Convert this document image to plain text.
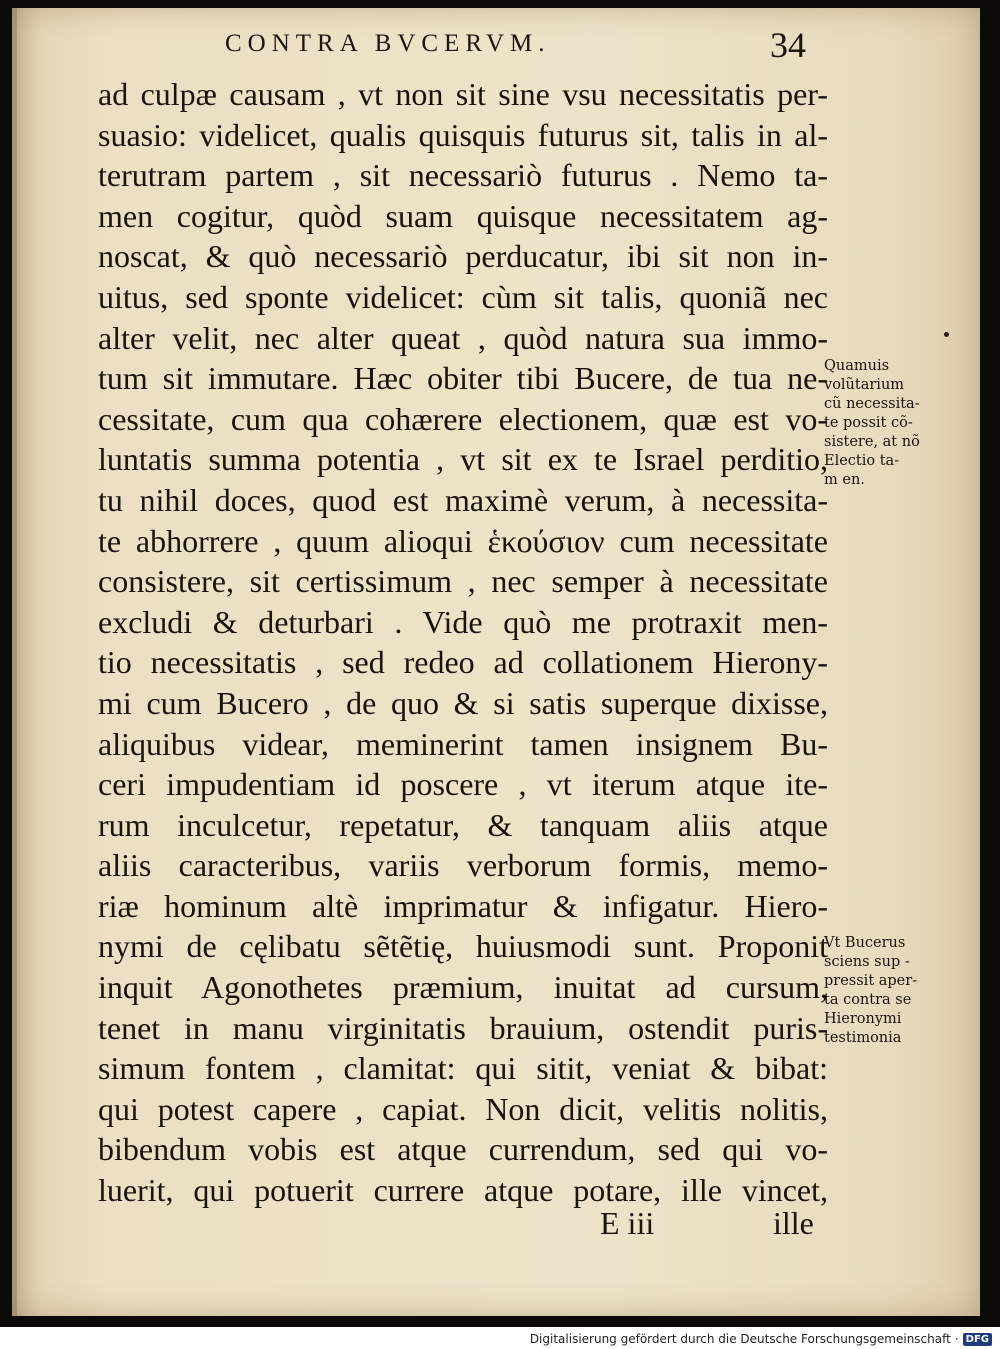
CONTRA BVCERVM.	34
ad culpæ causam , vt non sit sine vsu necessitatis per-
suasio: videlicet, qualis quisquis futurus sit, talis in al-
terutram partem , sit necessariò futurus . Nemo ta-
men cogitur, quòd suam quisque necessitatem ag-
noscat, & quò necessariò perducatur, ibi sit non in-
uitus, sed sponte videlicet: cùm sit talis, quoniã nec
alter velit, nec alter queat , quòd natura sua immo-
tum sit immutare. Hæc obiter tibi Bucere, de tua ne-
cessitate, cum qua cohærere electionem, quæ est vo-
luntatis summa potentia , vt sit ex te Israel perditio,
tu nihil doces, quod est maximè verum, à necessita-
te abhorrere , quum alioqui ἑκούσιον cum necessitate
consistere, sit certissimum , nec semper à necessitate
excludi & deturbari . Vide quò me protraxit men-
tio necessitatis , sed redeo ad collationem Hierony-
mi cum Bucero , de quo & si satis superque dixisse,
aliquibus videar, meminerint tamen insignem Bu-
ceri impudentiam id poscere , vt iterum atque ite-
rum inculcetur, repetatur, & tanquam aliis atque
aliis caracteribus, variis verborum formis, memo-
riæ hominum altè imprimatur & infigatur. Hiero-
nymi de cęlibatu sẽtẽtię, huiusmodi sunt. Proponit
inquit Agonothetes præmium, inuitat ad cursum,
tenet in manu virginitatis brauium, ostendit puris-
simum fontem , clamitat: qui sitit, veniat & bibat:
qui potest capere , capiat. Non dicit, velitis nolitis,
bibendum vobis est atque currendum, sed qui vo-
luerit, qui potuerit currere atque potare, ille vincet,
E iii	ille
Quamuis
volũtarium
cũ necessita-
te possit cõ-
sistere, at nõ
Electio ta-
m en.
Vt Bucerus
sciens sup -
pressit aper-
ta contra se
Hieronymi
testimonia
Digitalisierung gefördert durch die Deutsche Forschungsgemeinschaft · DFG
